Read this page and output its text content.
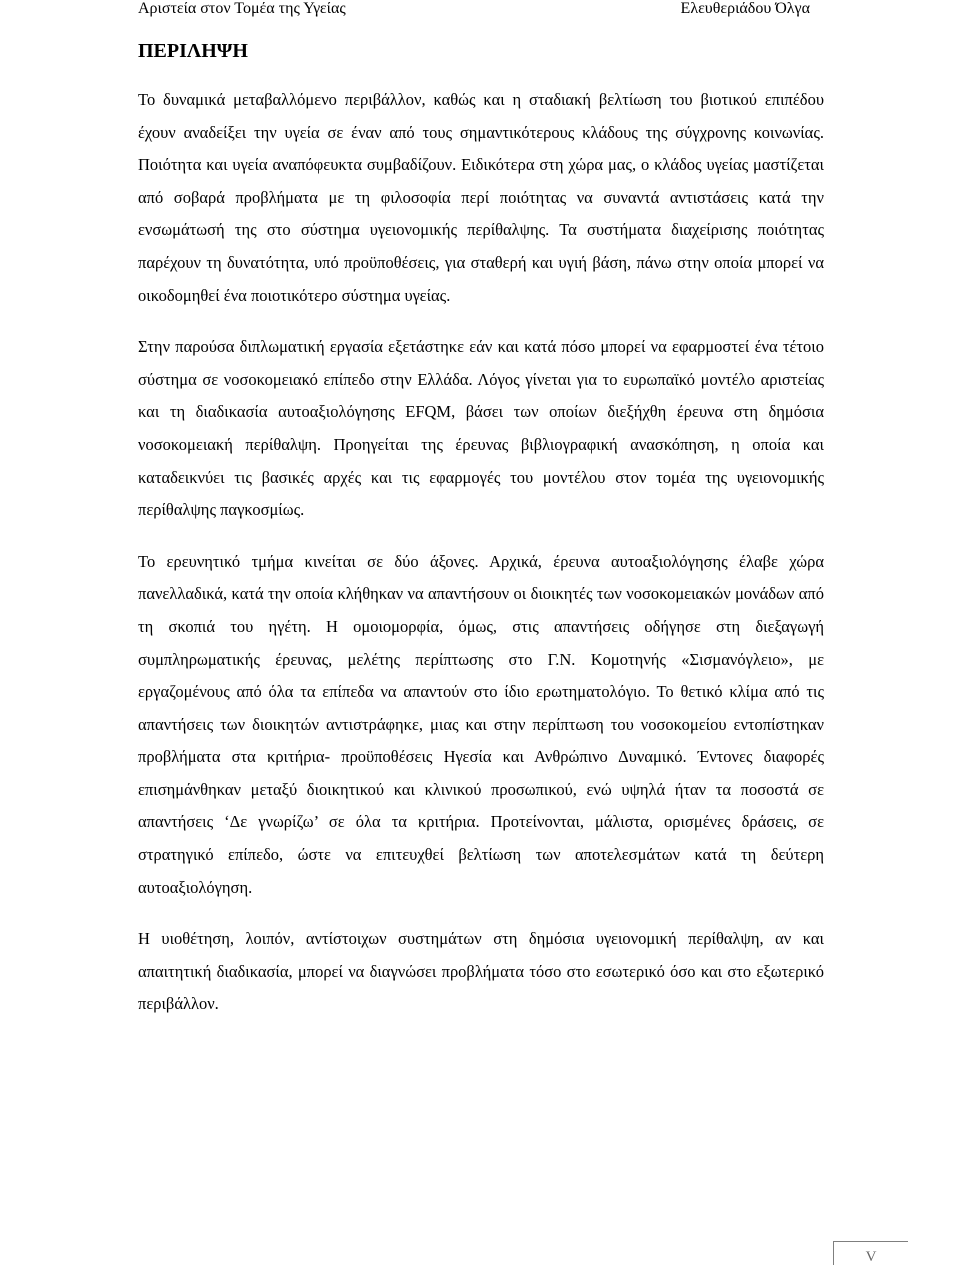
Αριστεία στον Τομέα της Υγείας	Ελευθεριάδου Όλγα
ΠΕΡΙΛΗΨΗ

Το δυναμικά μεταβαλλόμενο περιβάλλον, καθώς και η σταδιακή βελτίωση του βιοτικού επιπέδου έχουν αναδείξει την υγεία σε έναν από τους σημαντικότερους κλάδους της σύγχρονης κοινωνίας. Ποιότητα και υγεία αναπόφευκτα συμβαδίζουν. Ειδικότερα στη χώρα μας, ο κλάδος υγείας μαστίζεται από σοβαρά προβλήματα με τη φιλοσοφία περί ποιότητας να συναντά αντιστάσεις κατά την ενσωμάτωσή της στο σύστημα υγειονομικής περίθαλψης. Τα συστήματα διαχείρισης ποιότητας παρέχουν τη δυνατότητα, υπό προϋποθέσεις, για σταθερή και υγιή βάση, πάνω στην οποία μπορεί να οικοδομηθεί ένα ποιοτικότερο σύστημα υγείας.

Στην παρούσα διπλωματική εργασία εξετάστηκε εάν και κατά πόσο μπορεί να εφαρμοστεί ένα τέτοιο σύστημα σε νοσοκομειακό επίπεδο στην Ελλάδα. Λόγος γίνεται για το ευρωπαϊκό μοντέλο αριστείας και τη διαδικασία αυτοαξιολόγησης EFQM, βάσει των οποίων διεξήχθη έρευνα στη δημόσια νοσοκομειακή περίθαλψη. Προηγείται της έρευνας βιβλιογραφική ανασκόπηση, η οποία και καταδεικνύει τις βασικές αρχές και τις εφαρμογές του μοντέλου στον τομέα της υγειονομικής περίθαλψης παγκοσμίως.

Το ερευνητικό τμήμα κινείται σε δύο άξονες. Αρχικά, έρευνα αυτοαξιολόγησης έλαβε χώρα πανελλαδικά, κατά την οποία κλήθηκαν να απαντήσουν οι διοικητές των νοσοκομειακών μονάδων από τη σκοπιά του ηγέτη. Η ομοιομορφία, όμως, στις απαντήσεις οδήγησε στη διεξαγωγή συμπληρωματικής έρευνας, μελέτης περίπτωσης στο Γ.Ν. Κομοτηνής «Σισμανόγλειο», με εργαζομένους από όλα τα επίπεδα να απαντούν στο ίδιο ερωτηματολόγιο. Το θετικό κλίμα από τις απαντήσεις των διοικητών αντιστράφηκε, μιας και στην περίπτωση του νοσοκομείου εντοπίστηκαν προβλήματα στα κριτήρια- προϋποθέσεις Ηγεσία και Ανθρώπινο Δυναμικό. Έντονες διαφορές επισημάνθηκαν μεταξύ διοικητικού και κλινικού προσωπικού, ενώ υψηλά ήταν τα ποσοστά σε απαντήσεις ‘Δε γνωρίζω’ σε όλα τα κριτήρια. Προτείνονται, μάλιστα, ορισμένες δράσεις, σε στρατηγικό επίπεδο, ώστε να επιτευχθεί βελτίωση των αποτελεσμάτων κατά τη δεύτερη αυτοαξιολόγηση.

Η υιοθέτηση, λοιπόν, αντίστοιχων συστημάτων στη δημόσια υγειονομική περίθαλψη, αν και απαιτητική διαδικασία, μπορεί να διαγνώσει προβλήματα τόσο στο εσωτερικό όσο και στο εξωτερικό περιβάλλον.

V
